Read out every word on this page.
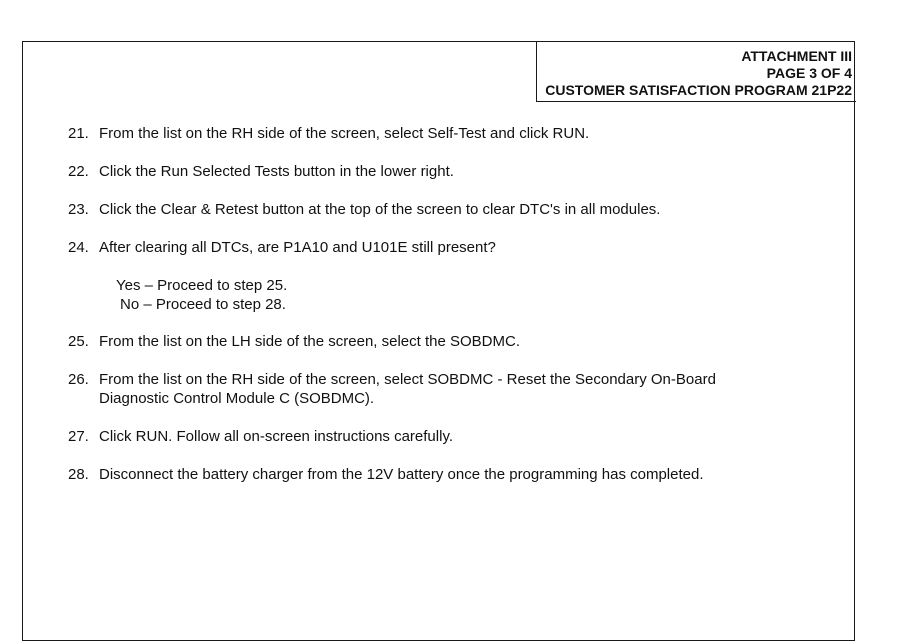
ATTACHMENT III
PAGE 3 OF 4
CUSTOMER SATISFACTION PROGRAM 21P22
21. From the list on the RH side of the screen, select Self-Test and click RUN.
22. Click the Run Selected Tests button in the lower right.
23. Click the Clear & Retest button at the top of the screen to clear DTC's in all modules.
24. After clearing all DTCs, are P1A10 and U101E still present?
Yes – Proceed to step 25.
No – Proceed to step 28.
25. From the list on the LH side of the screen, select the SOBDMC.
26. From the list on the RH side of the screen, select SOBDMC - Reset the Secondary On-Board
Diagnostic Control Module C (SOBDMC).
27. Click RUN. Follow all on-screen instructions carefully.
28. Disconnect the battery charger from the 12V battery once the programming has completed.
